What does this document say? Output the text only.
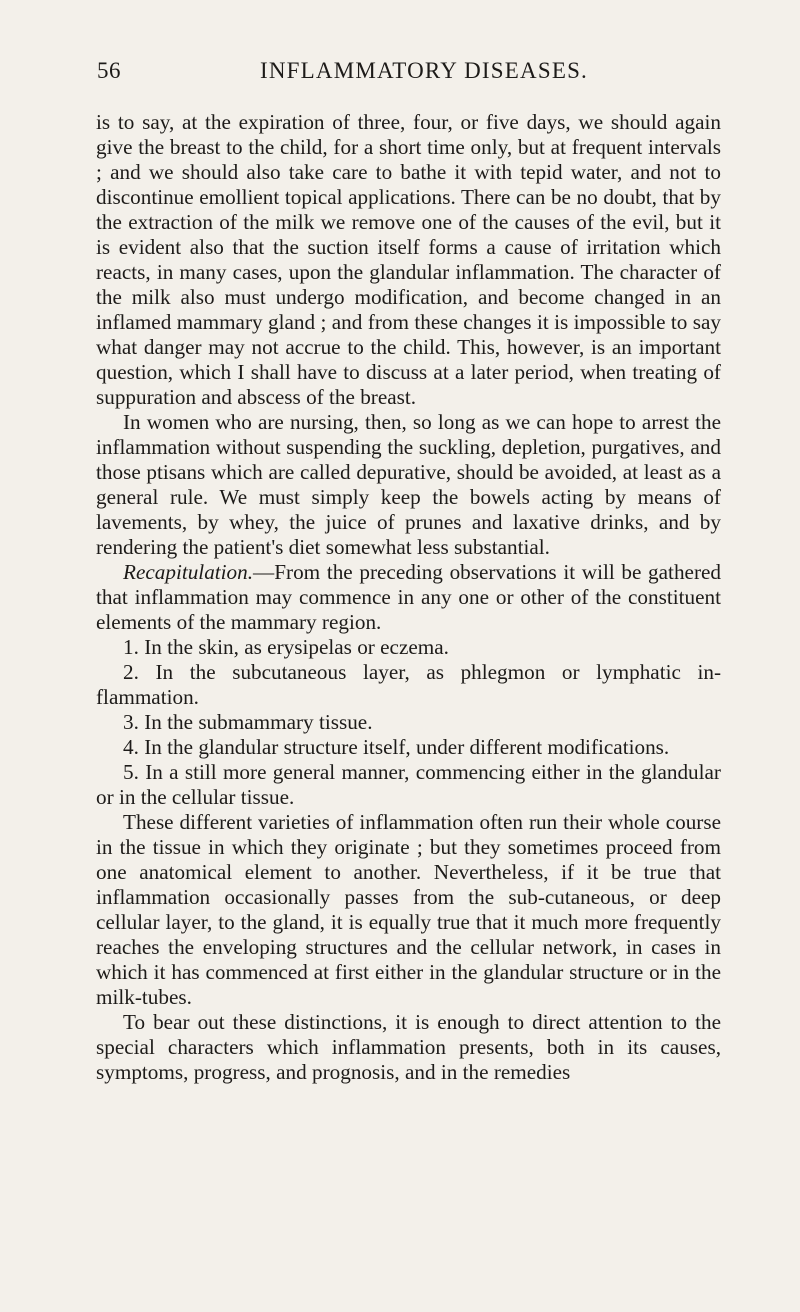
56	INFLAMMATORY DISEASES.

is to say, at the expiration of three, four, or five days, we should again give the breast to the child, for a short time only, but at frequent intervals ; and we should also take care to bathe it with tepid water, and not to discontinue emollient topical applications. There can be no doubt, that by the extraction of the milk we remove one of the causes of the evil, but it is evident also that the suction itself forms a cause of irritation which reacts, in many cases, upon the glandular inflammation. The character of the milk also must undergo modification, and become changed in an inflamed mammary gland ; and from these changes it is impossible to say what danger may not accrue to the child. This, however, is an important question, which I shall have to discuss at a later period, when treating of suppuration and abscess of the breast.

In women who are nursing, then, so long as we can hope to arrest the inflammation without suspending the suckling, depletion, purgatives, and those ptisans which are called depurative, should be avoided, at least as a general rule. We must simply keep the bowels acting by means of lavements, by whey, the juice of prunes and laxative drinks, and by rendering the patient's diet somewhat less substantial.

Recapitulation.—From the preceding observations it will be gathered that inflammation may commence in any one or other of the constituent elements of the mammary region.

1. In the skin, as erysipelas or eczema.

2. In the subcutaneous layer, as phlegmon or lymphatic in-flammation.

3. In the submammary tissue.

4. In the glandular structure itself, under different modifications.

5. In a still more general manner, commencing either in the glandular or in the cellular tissue.

These different varieties of inflammation often run their whole course in the tissue in which they originate ; but they sometimes proceed from one anatomical element to another. Nevertheless, if it be true that inflammation occasionally passes from the sub-cutaneous, or deep cellular layer, to the gland, it is equally true that it much more frequently reaches the enveloping structures and the cellular network, in cases in which it has commenced at first either in the glandular structure or in the milk-tubes.

To bear out these distinctions, it is enough to direct attention to the special characters which inflammation presents, both in its causes, symptoms, progress, and prognosis, and in the remedies
